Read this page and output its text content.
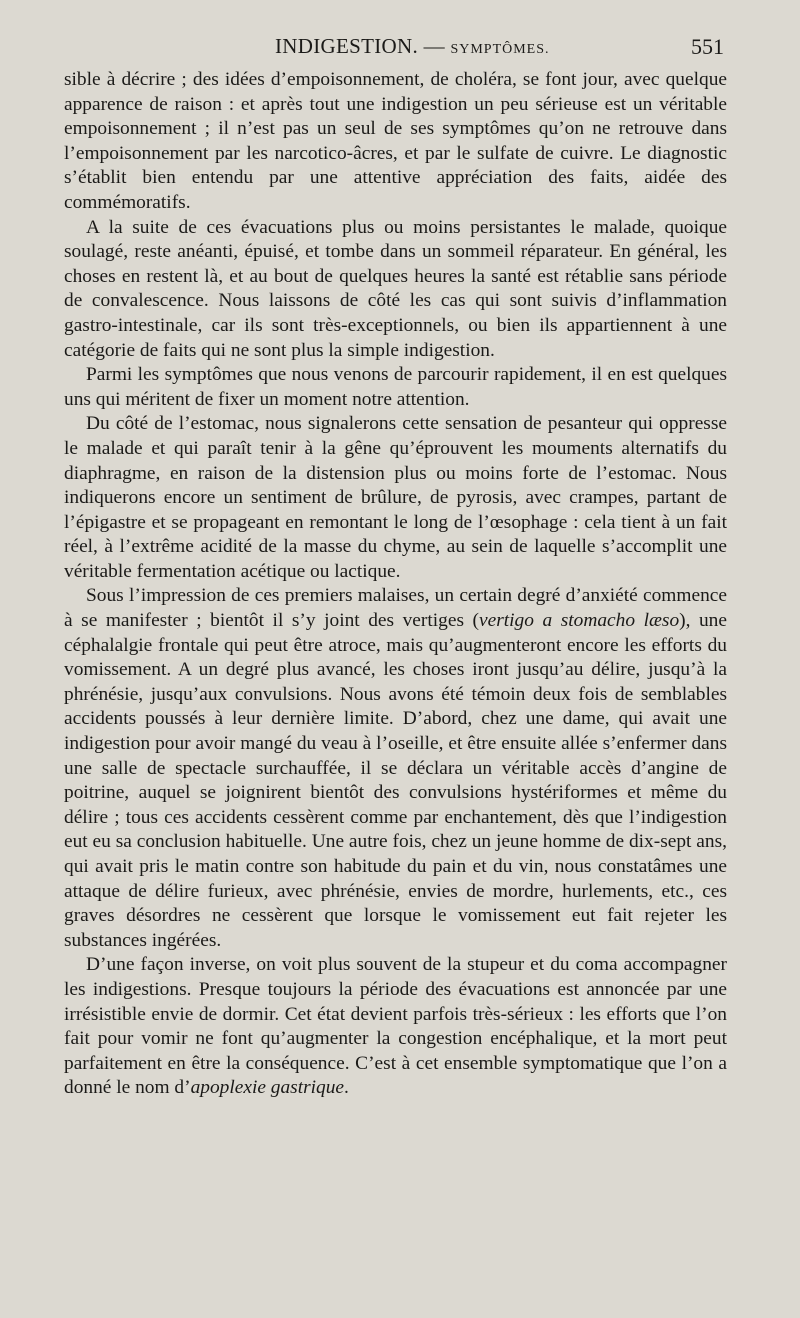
INDIGESTION. — SYMPTÔMES.	551

sible à décrire ; des idées d’empoisonnement, de choléra, se font jour, avec quelque apparence de raison : et après tout une indigestion un peu sérieuse est un véritable empoisonnement ; il n’est pas un seul de ses symptômes qu’on ne retrouve dans l’empoisonnement par les narcotico-âcres, et par le sulfate de cuivre. Le diagnostic s’établit bien entendu par une attentive appréciation des faits, aidée des commémoratifs.

A la suite de ces évacuations plus ou moins persistantes le malade, quoique soulagé, reste anéanti, épuisé, et tombe dans un sommeil réparateur. En général, les choses en restent là, et au bout de quelques heures la santé est rétablie sans période de convalescence. Nous laissons de côté les cas qui sont suivis d’inflammation gastro-intestinale, car ils sont très-exceptionnels, ou bien ils appartiennent à une catégorie de faits qui ne sont plus la simple indigestion.

Parmi les symptômes que nous venons de parcourir rapidement, il en est quelques uns qui méritent de fixer un moment notre attention.

Du côté de l’estomac, nous signalerons cette sensation de pesanteur qui oppresse le malade et qui paraît tenir à la gêne qu’éprouvent les mouments alternatifs du diaphragme, en raison de la distension plus ou moins forte de l’estomac. Nous indiquerons encore un sentiment de brûlure, de pyrosis, avec crampes, partant de l’épigastre et se propageant en remontant le long de l’œsophage : cela tient à un fait réel, à l’extrême acidité de la masse du chyme, au sein de laquelle s’accomplit une véritable fermentation acétique ou lactique.

Sous l’impression de ces premiers malaises, un certain degré d’anxiété commence à se manifester ; bientôt il s’y joint des vertiges (vertigo a stomacho læso), une céphalalgie frontale qui peut être atroce, mais qu’augmenteront encore les efforts du vomissement. A un degré plus avancé, les choses iront jusqu’au délire, jusqu’à la phrénésie, jusqu’aux convulsions. Nous avons été témoin deux fois de semblables accidents poussés à leur dernière limite. D’abord, chez une dame, qui avait une indigestion pour avoir mangé du veau à l’oseille, et être ensuite allée s’enfermer dans une salle de spectacle surchauffée, il se déclara un véritable accès d’angine de poitrine, auquel se joignirent bientôt des convulsions hystériformes et même du délire ; tous ces accidents cessèrent comme par enchantement, dès que l’indigestion eut eu sa conclusion habituelle. Une autre fois, chez un jeune homme de dix-sept ans, qui avait pris le matin contre son habitude du pain et du vin, nous constatâmes une attaque de délire furieux, avec phrénésie, envies de mordre, hurlements, etc., ces graves désordres ne cessèrent que lorsque le vomissement eut fait rejeter les substances ingérées.

D’une façon inverse, on voit plus souvent de la stupeur et du coma accompagner les indigestions. Presque toujours la période des évacuations est annoncée par une irrésistible envie de dormir. Cet état devient parfois très-sérieux : les efforts que l’on fait pour vomir ne font qu’augmenter la congestion encéphalique, et la mort peut parfaitement en être la conséquence. C’est à cet ensemble symptomatique que l’on a donné le nom d’apoplexie gastrique.
